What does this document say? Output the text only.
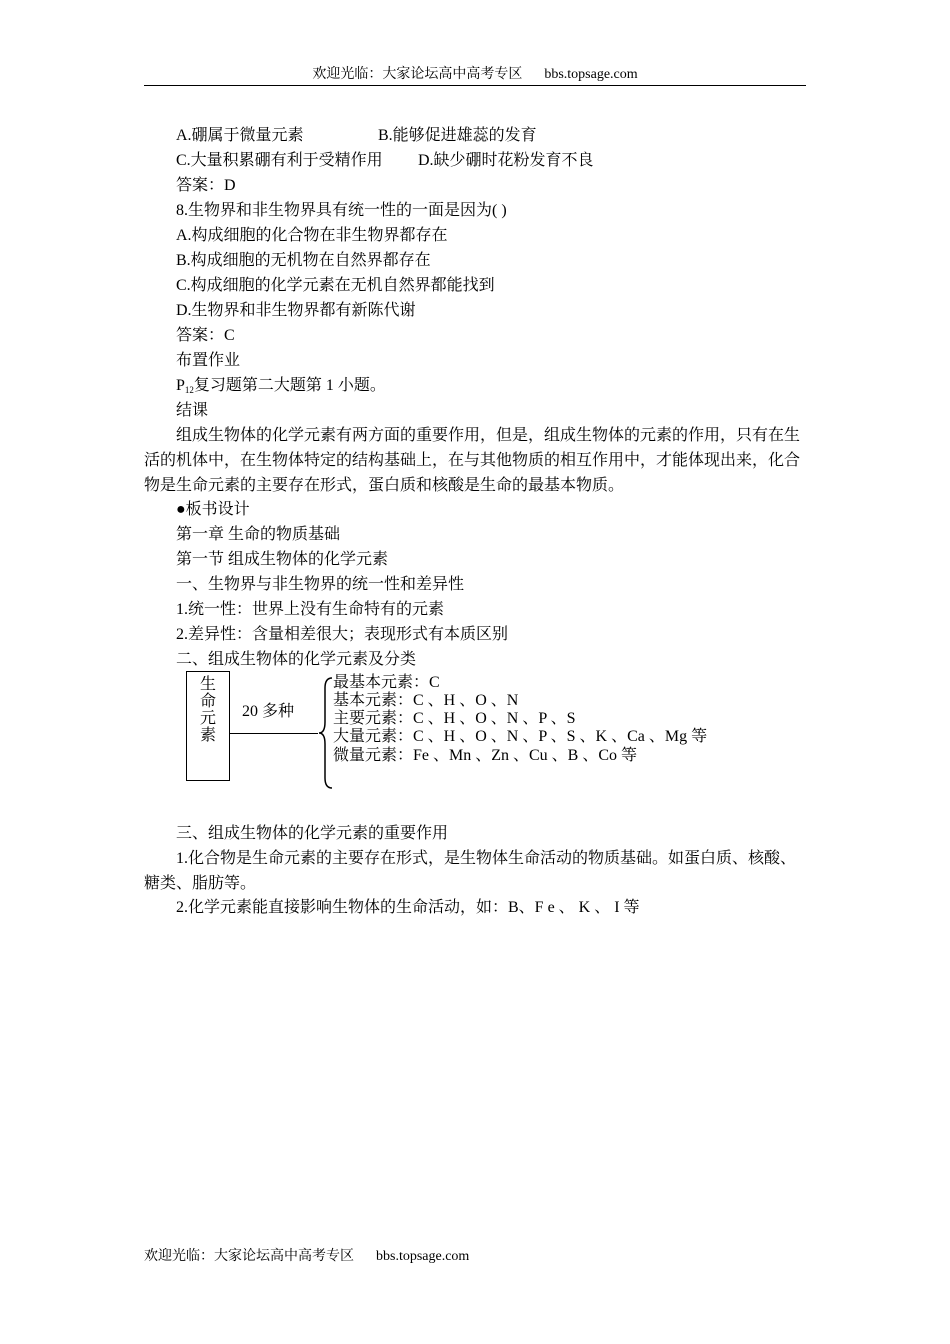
欢迎光临：大家论坛高中高考专区 bbs.topsage.com
A.硼属于微量元素	B.能够促进雄蕊的发育
C.大量积累硼有利于受精作用 D.缺少硼时花粉发育不良
答案：D
8.生物界和非生物界具有统一性的一面是因为( )
A.构成细胞的化合物在非生物界都存在
B.构成细胞的无机物在自然界都存在
C.构成细胞的化学元素在无机自然界都能找到
D.生物界和非生物界都有新陈代谢
答案：C
布置作业
$P_{12}$复习题第二大题第 1 小题。
结课
组成生物体的化学元素有两方面的重要作用，但是，组成生物体的元素的作用，只有在生活的机体中，在生物体特定的结构基础上，在与其他物质的相互作用中，才能体现出来，化合物是生命元素的主要存在形式，蛋白质和核酸是生命的最基本物质。
●板书设计
第一章 生命的物质基础
第一节 组成生物体的化学元素
一、生物界与非生物界的统一性和差异性
1.统一性：世界上没有生命特有的元素
2.差异性：含量相差很大；表现形式有本质区别
二、组成生物体的化学元素及分类
生
命
元
素
20 多种
最基本元素：C
基本元素：C 、H 、O 、N
主要元素：C 、H 、O 、N 、P 、S
大量元素：C 、H 、O 、N 、P 、S 、K 、Ca 、Mg 等
微量元素：Fe 、Mn 、Zn 、Cu 、B 、Co 等
三、组成生物体的化学元素的重要作用
1.化合物是生命元素的主要存在形式，是生物体生命活动的物质基础。如蛋白质、核酸、糖类、脂肪等。
2.化学元素能直接影响生物体的生命活动，如：B、F e 、 K 、 I 等
欢迎光临：大家论坛高中高考专区 bbs.topsage.com
